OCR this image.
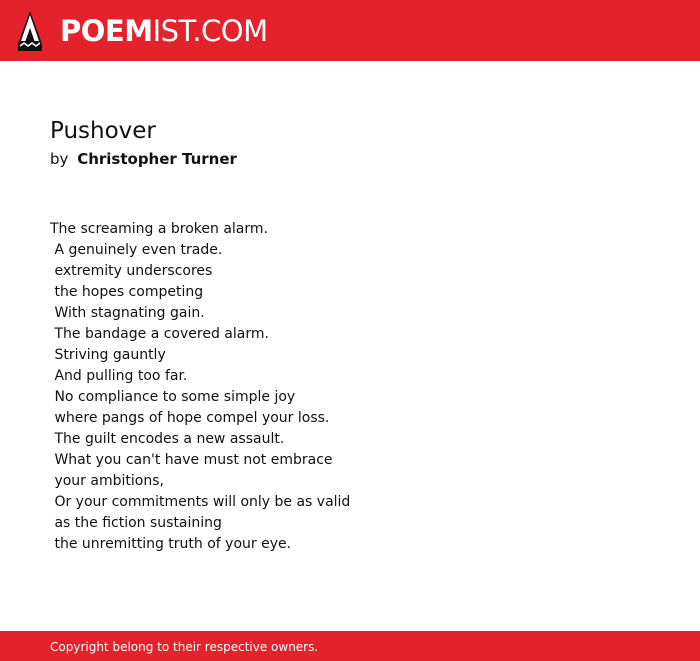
POEMIST.COM
Pushover
by Christopher Turner
The screaming a broken alarm.
A genuinely even trade.
extremity underscores
the hopes competing
With stagnating gain.
The bandage a covered alarm.
Striving gauntly
And pulling too far.
No compliance to some simple joy
where pangs of hope compel your loss.
The guilt encodes a new assault.
What you can't have must not embrace
your ambitions,
Or your commitments will only be as valid
as the fiction sustaining
the unremitting truth of your eye.
Copyright belong to their respective owners.
